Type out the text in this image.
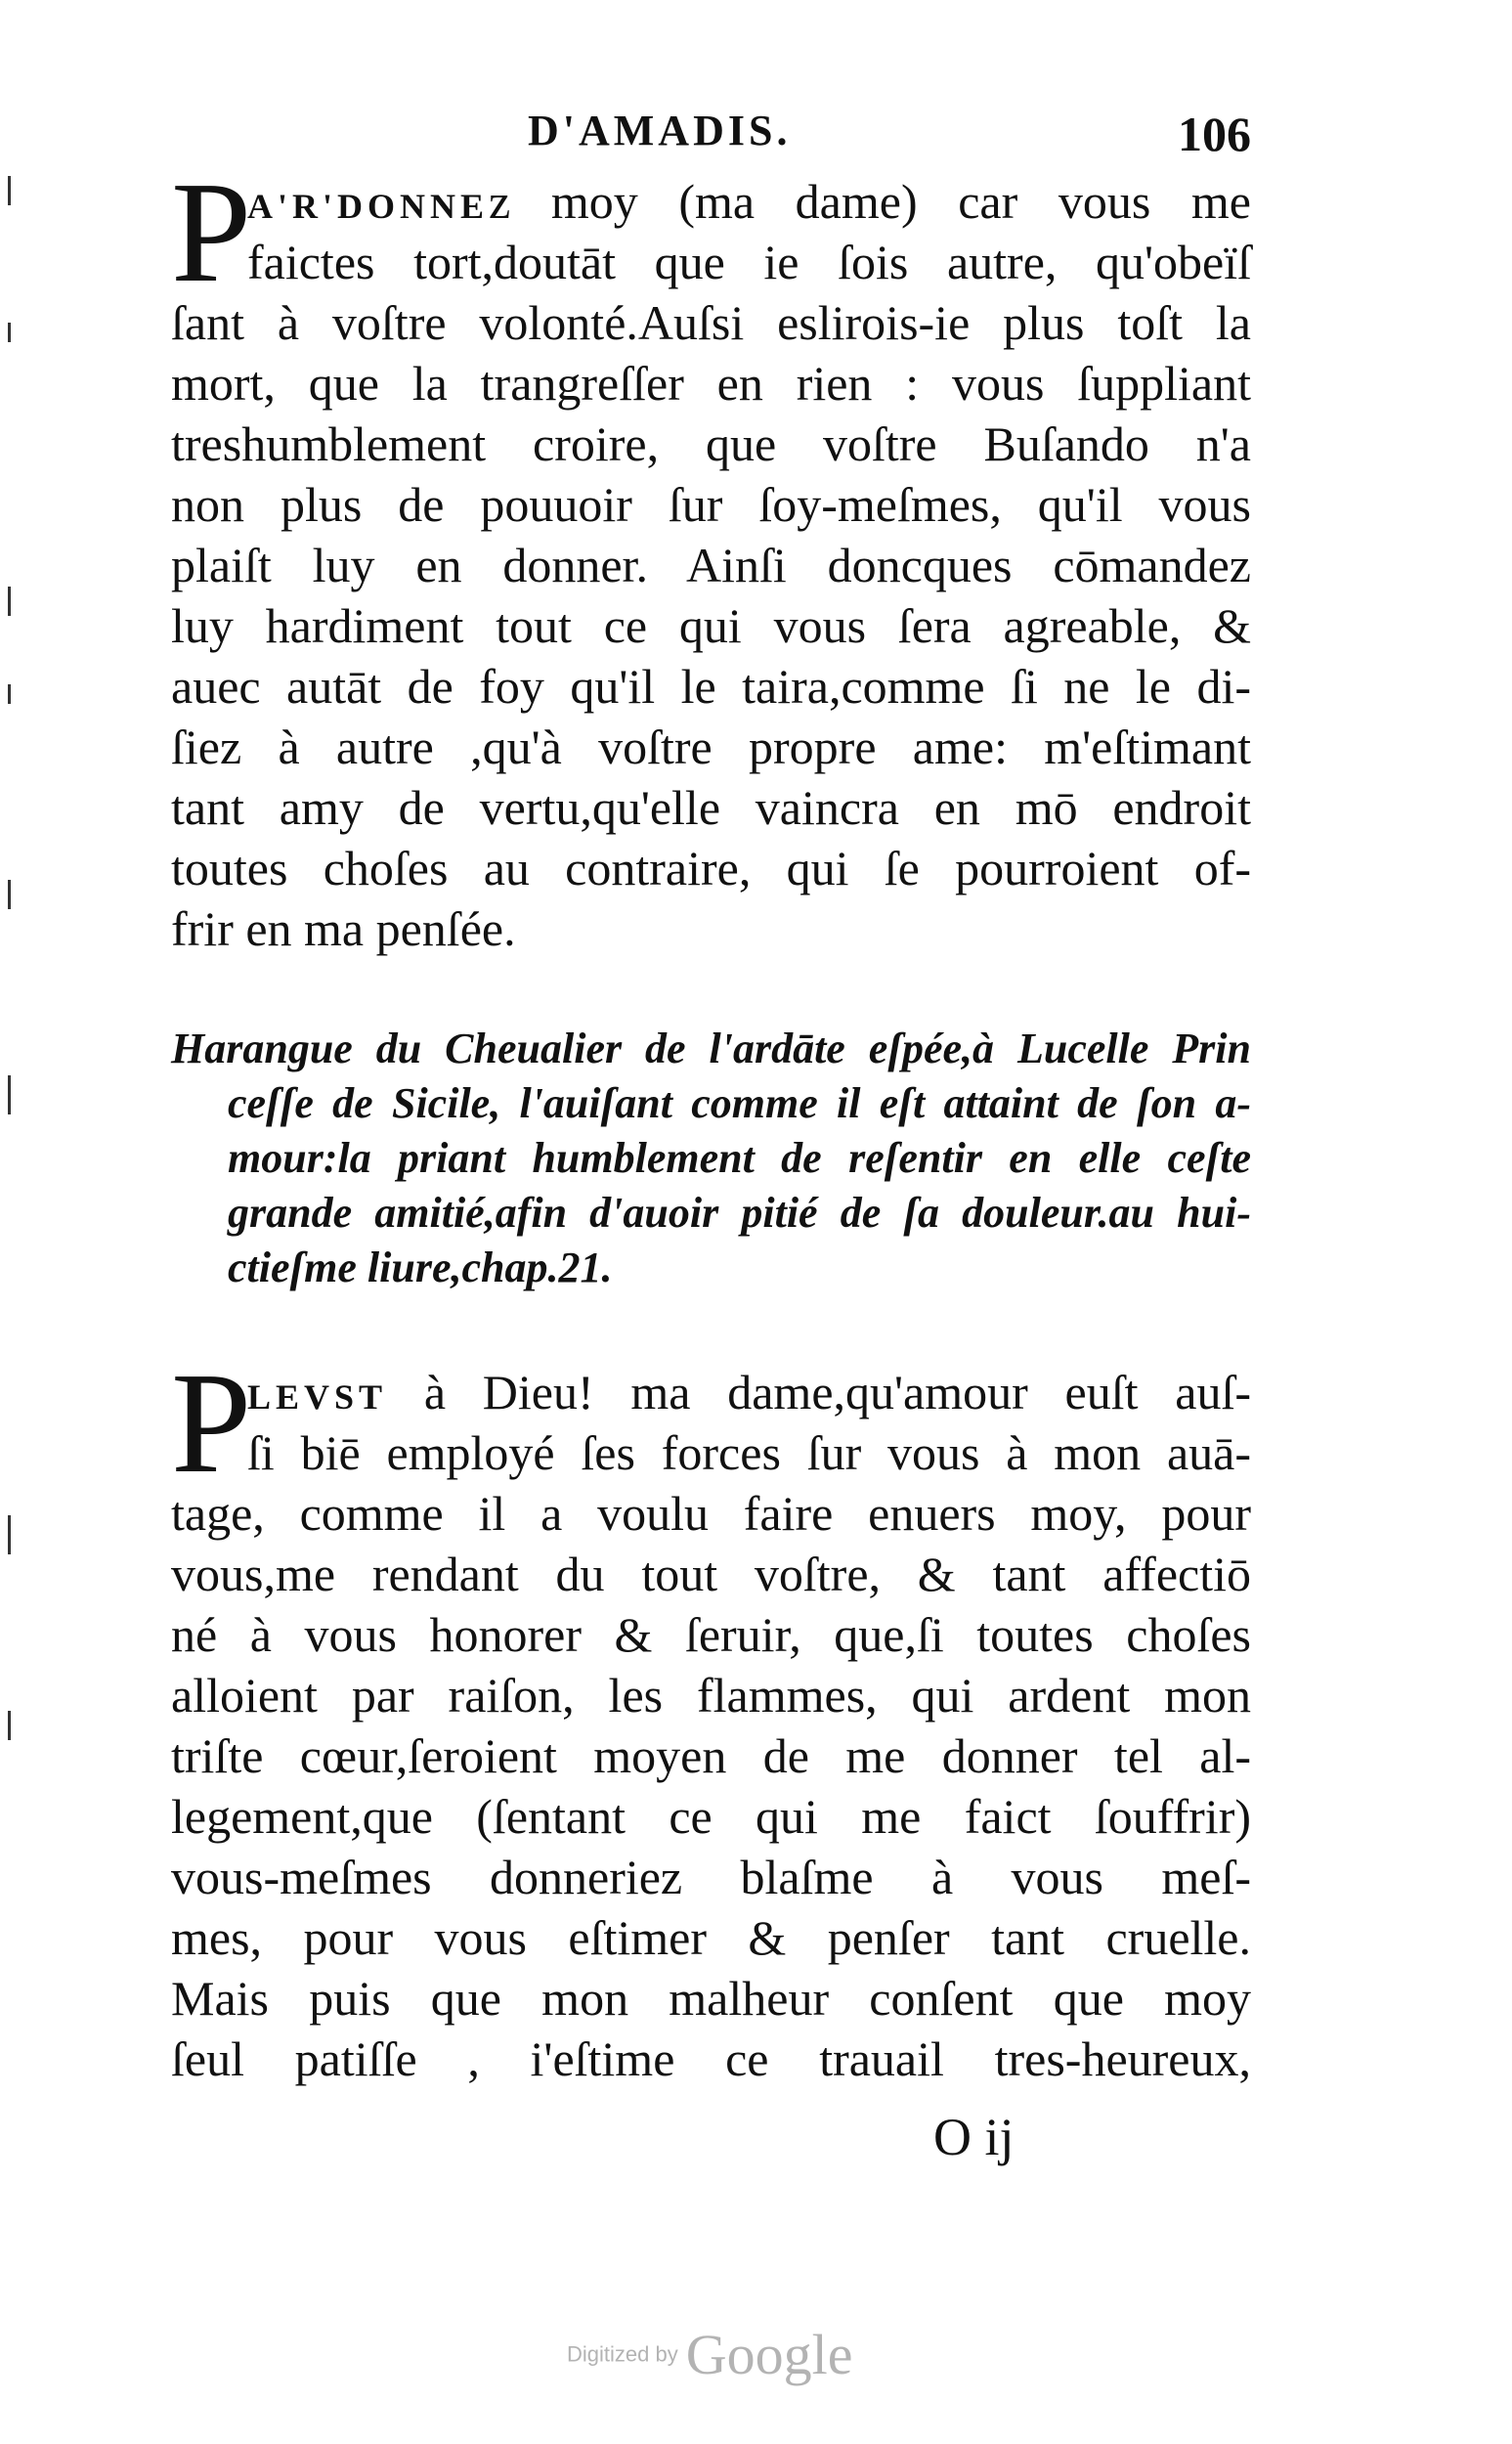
D'AMADIS.	106
P
A'R'DONNEz moy (ma dame) car vous me
faictes tort,doutāt que ie ſois autre, qu'obeïſ
ſant à voſtre volonté.Auſsi eslirois-ie plus toſt la
mort, que la trangreſſer en rien : vous ſuppliant
treshumblement croire, que voſtre Buſando n'a
non plus de pouuoir ſur ſoy-meſmes, qu'il vous
plaiſt luy en donner. Ainſi doncques cōmandez
luy hardiment tout ce qui vous ſera agreable, &
auec autāt de foy qu'il le taira,comme ſi ne le di-
ſiez à autre ,qu'à voſtre propre ame: m'eſtimant
tant amy de vertu,qu'elle vaincra en mō endroit
toutes choſes au contraire, qui ſe pourroient of-
frir en ma penſée.
Harangue du Cheualier de l'ardāte eſpée,à Lucelle Prin
ceſſe de Sicile, l'auiſant comme il eſt attaint de ſon a-
mour:la priant humblement de reſentir en elle ceſte
grande amitié,afin d'auoir pitié de ſa douleur.au hui-
ctieſme liure,chap.21.
P
LEVST à Dieu! ma dame,qu'amour euſt auſ-
ſi biē employé ſes forces ſur vous à mon auā-
tage, comme il a voulu faire enuers moy, pour
vous,me rendant du tout voſtre, & tant affectiō
né à vous honorer & ſeruir, que,ſi toutes choſes
alloient par raiſon, les flammes, qui ardent mon
triſte cœur,ſeroient moyen de me donner tel al-
legement,que (ſentant ce qui me faict ſouffrir)
vous-meſmes donneriez blaſme à vous meſ-
mes, pour vous eſtimer & penſer tant cruelle.
Mais puis que mon malheur conſent que moy
ſeul patiſſe , i'eſtime ce trauail tres-heureux,
O ij
Digitized by Google
